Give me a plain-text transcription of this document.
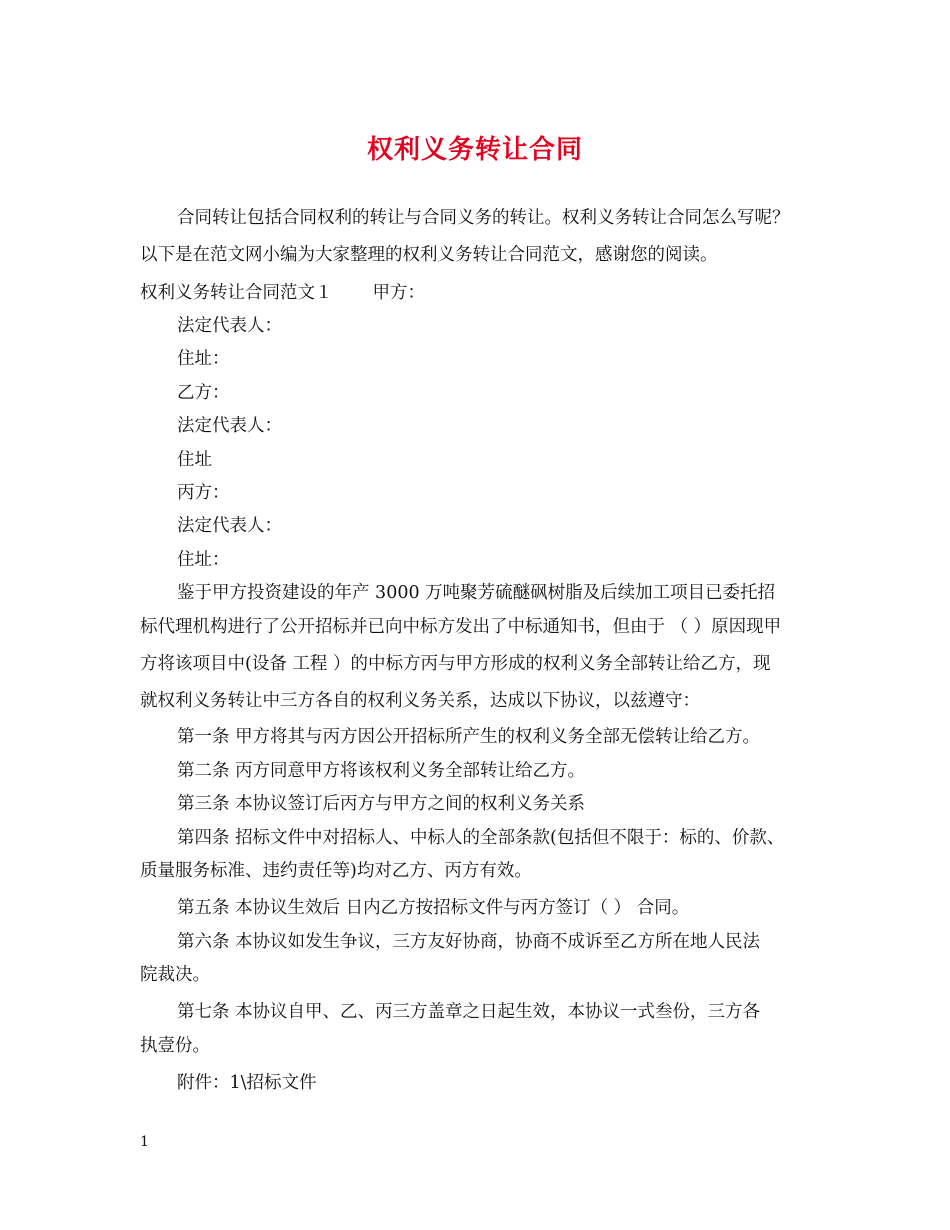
权利义务转让合同
合同转让包括合同权利的转让与合同义务的转让。权利义务转让合同怎么写呢？
以下是在范文网小编为大家整理的权利义务转让合同范文，感谢您的阅读。
权利义务转让合同范文１ 甲方：
法定代表人：
住址：
乙方：
法定代表人：
住址
丙方：
法定代表人：
住址：
鉴于甲方投资建设的年产 3000 万吨聚芳硫醚砜树脂及后续加工项目已委托招
标代理机构进行了公开招标并已向中标方发出了中标通知书，但由于 （ ）原因现甲
方将该项目中(设备 工程 ）的中标方丙与甲方形成的权利义务全部转让给乙方，现
就权利义务转让中三方各自的权利义务关系，达成以下协议，以兹遵守：
第一条 甲方将其与丙方因公开招标所产生的权利义务全部无偿转让给乙方。
第二条 丙方同意甲方将该权利义务全部转让给乙方。
第三条 本协议签订后丙方与甲方之间的权利义务关系
第四条 招标文件中对招标人、中标人的全部条款(包括但不限于：标的、价款、
质量服务标准、违约责任等)均对乙方、丙方有效。
第五条 本协议生效后 日内乙方按招标文件与丙方签订（ ） 合同。
第六条 本协议如发生争议，三方友好协商，协商不成诉至乙方所在地人民法
院裁决。
第七条 本协议自甲、乙、丙三方盖章之日起生效，本协议一式叁份，三方各
执壹份。
附件：1\招标文件
1
